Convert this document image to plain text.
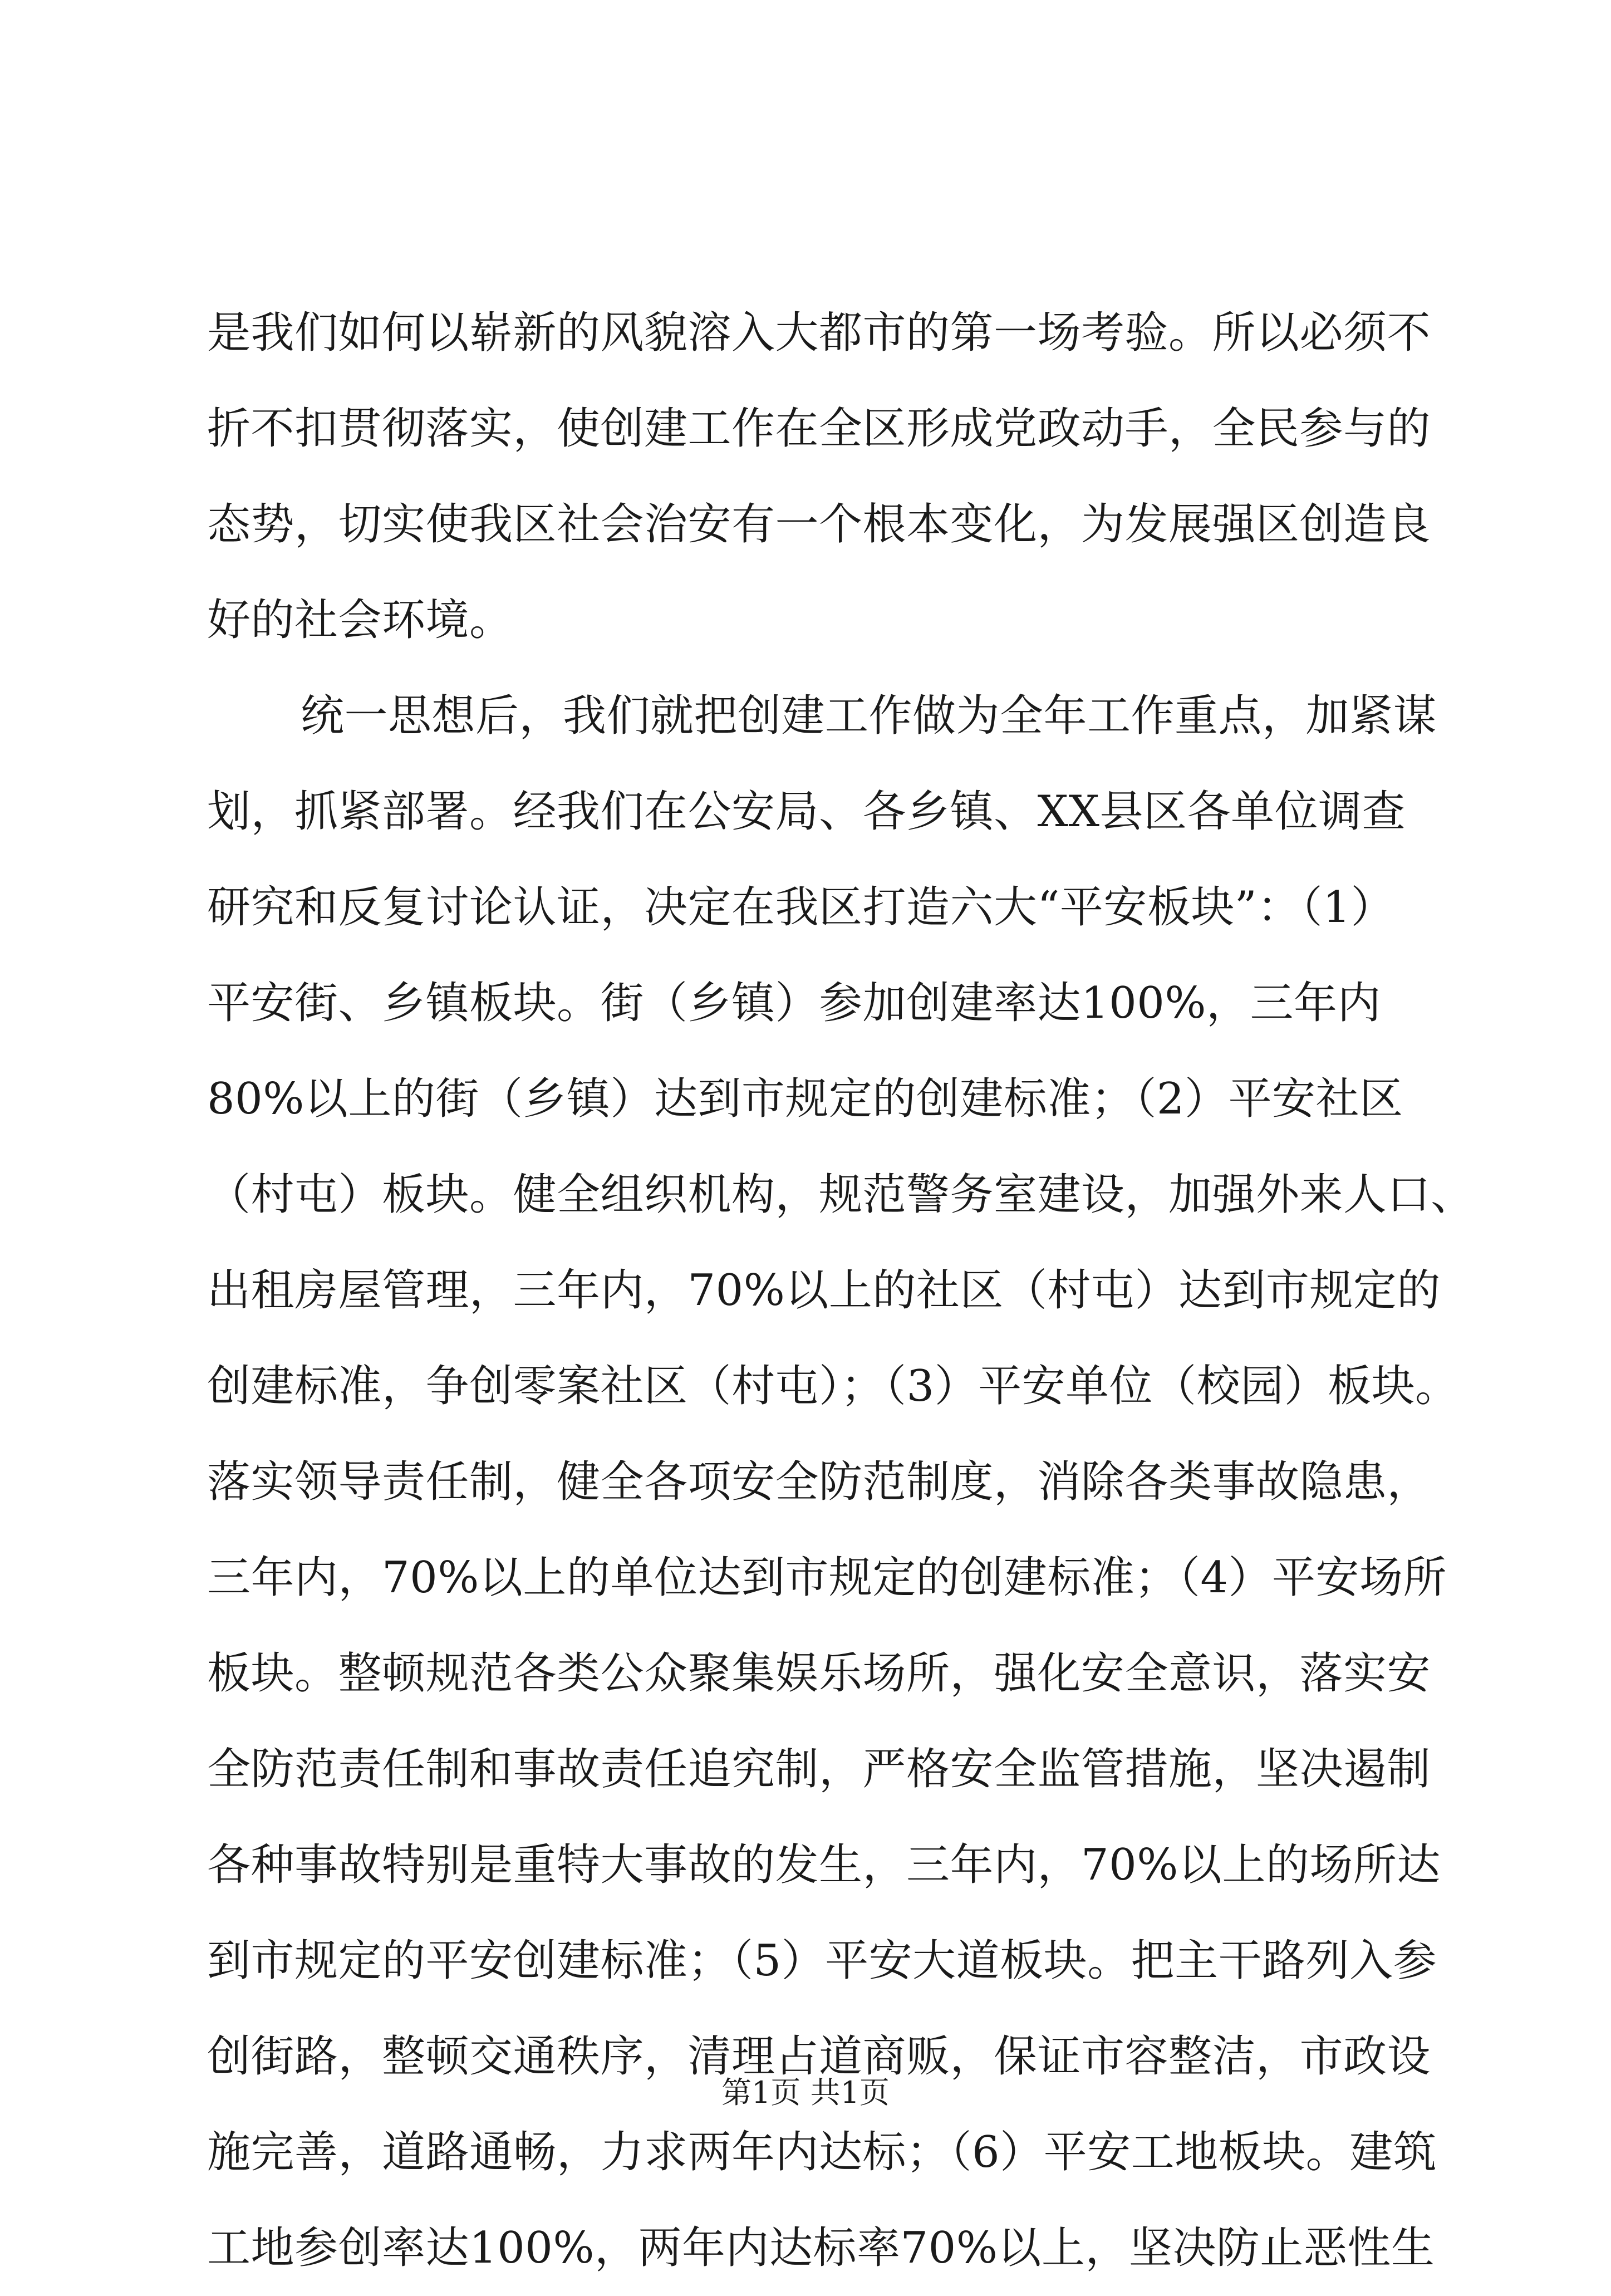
是我们如何以崭新的风貌溶入大都市的第一场考验。所以必须不
折不扣贯彻落实，使创建工作在全区形成党政动手，全民参与的
态势，切实使我区社会治安有一个根本变化，为发展强区创造良
好的社会环境。
统一思想后，我们就把创建工作做为全年工作重点，加紧谋
划，抓紧部署。经我们在公安局、各乡镇、XX县区各单位调查
研究和反复讨论认证，决定在我区打造六大“平安板块”：（1）
平安街、乡镇板块。街（乡镇）参加创建率达100%，三年内
80%以上的街（乡镇）达到市规定的创建标准；（2）平安社区
（村屯）板块。健全组织机构，规范警务室建设，加强外来人口、
出租房屋管理，三年内，70%以上的社区（村屯）达到市规定的
创建标准，争创零案社区（村屯）；（3）平安单位（校园）板块。
落实领导责任制，健全各项安全防范制度，消除各类事故隐患，
三年内，70%以上的单位达到市规定的创建标准；（4）平安场所
板块。整顿规范各类公众聚集娱乐场所，强化安全意识，落实安
全防范责任制和事故责任追究制，严格安全监管措施，坚决遏制
各种事故特别是重特大事故的发生，三年内，70%以上的场所达
到市规定的平安创建标准；（5）平安大道板块。把主干路列入参
创街路，整顿交通秩序，清理占道商贩，保证市容整洁，市政设
施完善，道路通畅，力求两年内达标；（6）平安工地板块。建筑
工地参创率达100%，两年内达标率70%以上，坚决防止恶性生
第1页 共1页
